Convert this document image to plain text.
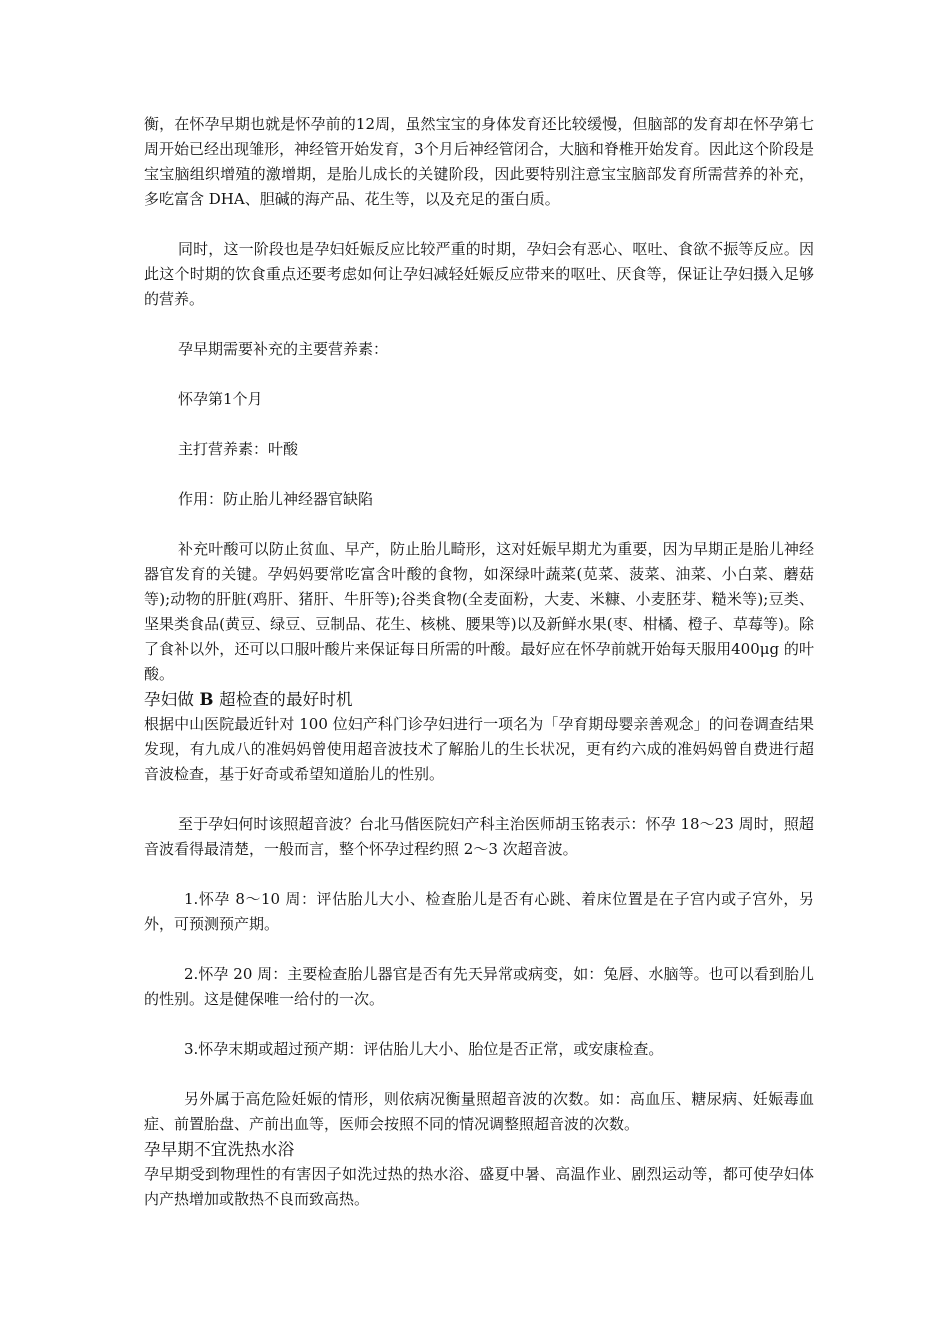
衡，在怀孕早期也就是怀孕前的12周，虽然宝宝的身体发育还比较缓慢，但脑部的发育却在怀孕第七周开始已经出现雏形，神经管开始发育，3个月后神经管闭合，大脑和脊椎开始发育。因此这个阶段是宝宝脑组织增殖的激增期，是胎儿成长的关键阶段，因此要特别注意宝宝脑部发育所需营养的补充，多吃富含 DHA、胆碱的海产品、花生等，以及充足的蛋白质。

同时，这一阶段也是孕妇妊娠反应比较严重的时期，孕妇会有恶心、呕吐、食欲不振等反应。因此这个时期的饮食重点还要考虑如何让孕妇减轻妊娠反应带来的呕吐、厌食等，保证让孕妇摄入足够的营养。

孕早期需要补充的主要营养素：

怀孕第1个月

主打营养素：叶酸

作用：防止胎儿神经器官缺陷

补充叶酸可以防止贫血、早产，防止胎儿畸形，这对妊娠早期尤为重要，因为早期正是胎儿神经器官发育的关键。孕妈妈要常吃富含叶酸的食物，如深绿叶蔬菜(苋菜、菠菜、油菜、小白菜、蘑菇等);动物的肝脏(鸡肝、猪肝、牛肝等);谷类食物(全麦面粉，大麦、米糠、小麦胚芽、糙米等);豆类、坚果类食品(黄豆、绿豆、豆制品、花生、核桃、腰果等)以及新鲜水果(枣、柑橘、橙子、草莓等)。除了食补以外，还可以口服叶酸片来保证每日所需的叶酸。最好应在怀孕前就开始每天服用400μg 的叶酸。

孕妇做 B 超检查的最好时机

根据中山医院最近针对 100 位妇产科门诊孕妇进行一项名为「孕育期母婴亲善观念」的问卷调查结果发现，有九成八的准妈妈曾使用超音波技术了解胎儿的生长状况，更有约六成的准妈妈曾自费进行超音波检查，基于好奇或希望知道胎儿的性别。

至于孕妇何时该照超音波？台北马偕医院妇产科主治医师胡玉铭表示：怀孕 18～23 周时，照超音波看得最清楚，一般而言，整个怀孕过程约照 2～3 次超音波。

1.怀孕 8～10 周：评估胎儿大小、检查胎儿是否有心跳、着床位置是在子宫内或子宫外，另外，可预测预产期。

2.怀孕 20 周：主要检查胎儿器官是否有先天异常或病变，如：兔唇、水脑等。也可以看到胎儿的性别。这是健保唯一给付的一次。

3.怀孕末期或超过预产期：评估胎儿大小、胎位是否正常，或安康检查。

另外属于高危险妊娠的情形，则依病况衡量照超音波的次数。如：高血压、糖尿病、妊娠毒血症、前置胎盘、产前出血等，医师会按照不同的情况调整照超音波的次数。

孕早期不宜洗热水浴

孕早期受到物理性的有害因子如洗过热的热水浴、盛夏中暑、高温作业、剧烈运动等，都可使孕妇体内产热增加或散热不良而致高热。
